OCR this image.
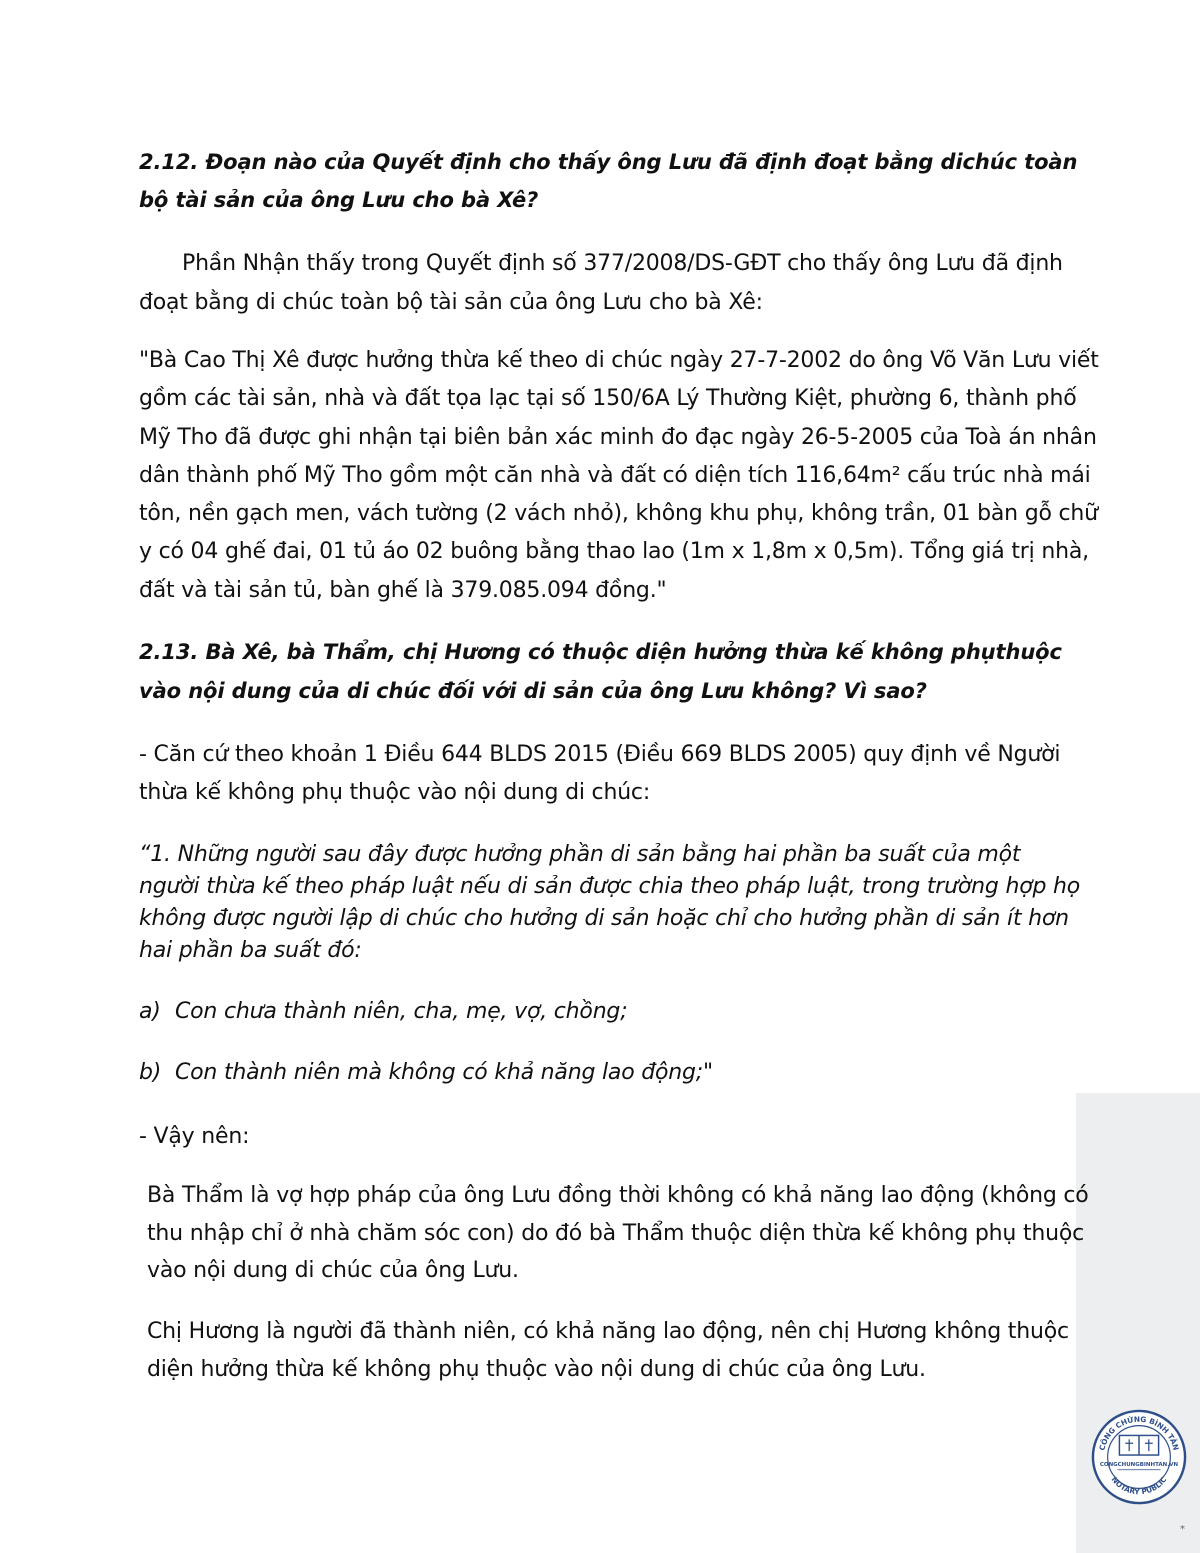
2.12. Đoạn nào của Quyết định cho thấy ông Lưu đã định đoạt bằng dichúc toàn
bộ tài sản của ông Lưu cho bà Xê?
Phần Nhận thấy trong Quyết định số 377/2008/DS-GĐT cho thấy ông Lưu đã định
đoạt bằng di chúc toàn bộ tài sản của ông Lưu cho bà Xê:
"Bà Cao Thị Xê được hưởng thừa kế theo di chúc ngày 27-7-2002 do ông Võ Văn Lưu viết
gồm các tài sản, nhà và đất tọa lạc tại số 150/6A Lý Thường Kiệt, phường 6, thành phố
Mỹ Tho đã được ghi nhận tại biên bản xác minh đo đạc ngày 26-5-2005 của Toà án nhân
dân thành phố Mỹ Tho gồm một căn nhà và đất có diện tích 116,64m² cấu trúc nhà mái
tôn, nền gạch men, vách tường (2 vách nhỏ), không khu phụ, không trần, 01 bàn gỗ chữ
y có 04 ghế đai, 01 tủ áo 02 buông bằng thao lao (1m x 1,8m x 0,5m). Tổng giá trị nhà,
đất và tài sản tủ, bàn ghế là 379.085.094 đồng."
2.13. Bà Xê, bà Thẩm, chị Hương có thuộc diện hưởng thừa kế không phụthuộc
vào nội dung của di chúc đối với di sản của ông Lưu không? Vì sao?
- Căn cứ theo khoản 1 Điều 644 BLDS 2015 (Điều 669 BLDS 2005) quy định về Người
thừa kế không phụ thuộc vào nội dung di chúc:
“1. Những người sau đây được hưởng phần di sản bằng hai phần ba suất của một
người thừa kế theo pháp luật nếu di sản được chia theo pháp luật, trong trường hợp họ
không được người lập di chúc cho hưởng di sản hoặc chỉ cho hưởng phần di sản ít hơn
hai phần ba suất đó:
a) Con chưa thành niên, cha, mẹ, vợ, chồng;
b) Con thành niên mà không có khả năng lao động;"
- Vậy nên:
Bà Thẩm là vợ hợp pháp của ông Lưu đồng thời không có khả năng lao động (không có
thu nhập chỉ ở nhà chăm sóc con) do đó bà Thẩm thuộc diện thừa kế không phụ thuộc
vào nội dung di chúc của ông Lưu.
Chị Hương là người đã thành niên, có khả năng lao động, nên chị Hương không thuộc
diện hưởng thừa kế không phụ thuộc vào nội dung di chúc của ông Lưu.
CÔNG CHỨNG BÌNH TÂN
NOTARY PUBLIC
CONGCHUNGBINHTAN.VN
*
